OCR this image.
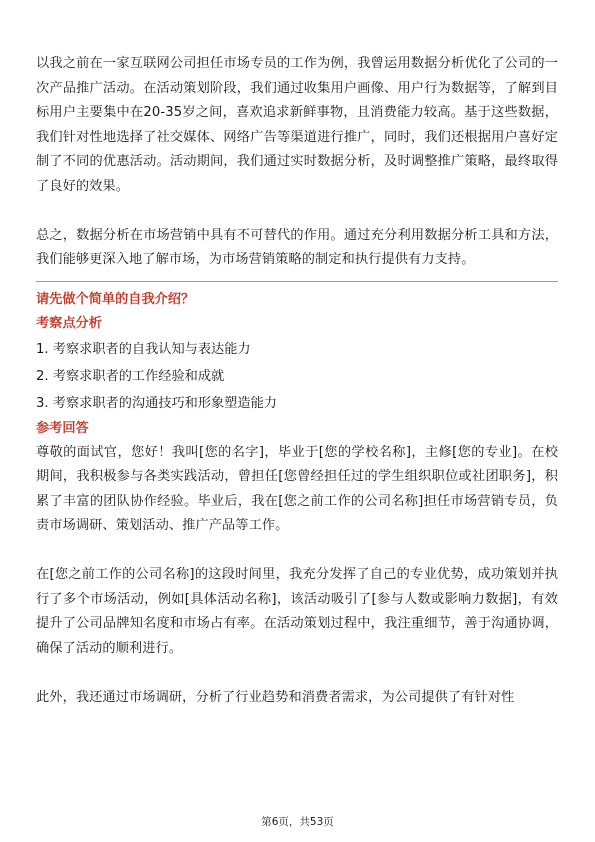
以我之前在一家互联网公司担任市场专员的工作为例，我曾运用数据分析优化了公司的一次产品推广活动。在活动策划阶段，我们通过收集用户画像、用户行为数据等，了解到目标用户主要集中在20-35岁之间，喜欢追求新鲜事物，且消费能力较高。基于这些数据，我们针对性地选择了社交媒体、网络广告等渠道进行推广，同时，我们还根据用户喜好定制了不同的优惠活动。活动期间，我们通过实时数据分析，及时调整推广策略，最终取得了良好的效果。

总之，数据分析在市场营销中具有不可替代的作用。通过充分利用数据分析工具和方法，我们能够更深入地了解市场，为市场营销策略的制定和执行提供有力支持。

请先做个简单的自我介绍？
考察点分析
1. 考察求职者的自我认知与表达能力
2. 考察求职者的工作经验和成就
3. 考察求职者的沟通技巧和形象塑造能力
参考回答

尊敬的面试官，您好！我叫[您的名字]，毕业于[您的学校名称]，主修[您的专业]。在校期间，我积极参与各类实践活动，曾担任[您曾经担任过的学生组织职位或社团职务]，积累了丰富的团队协作经验。毕业后，我在[您之前工作的公司名称]担任市场营销专员，负责市场调研、策划活动、推广产品等工作。

在[您之前工作的公司名称]的这段时间里，我充分发挥了自己的专业优势，成功策划并执行了多个市场活动，例如[具体活动名称]，该活动吸引了[参与人数或影响力数据]，有效提升了公司品牌知名度和市场占有率。在活动策划过程中，我注重细节，善于沟通协调，确保了活动的顺利进行。

此外，我还通过市场调研，分析了行业趋势和消费者需求，为公司提供了有针对性

第6页，共53页
